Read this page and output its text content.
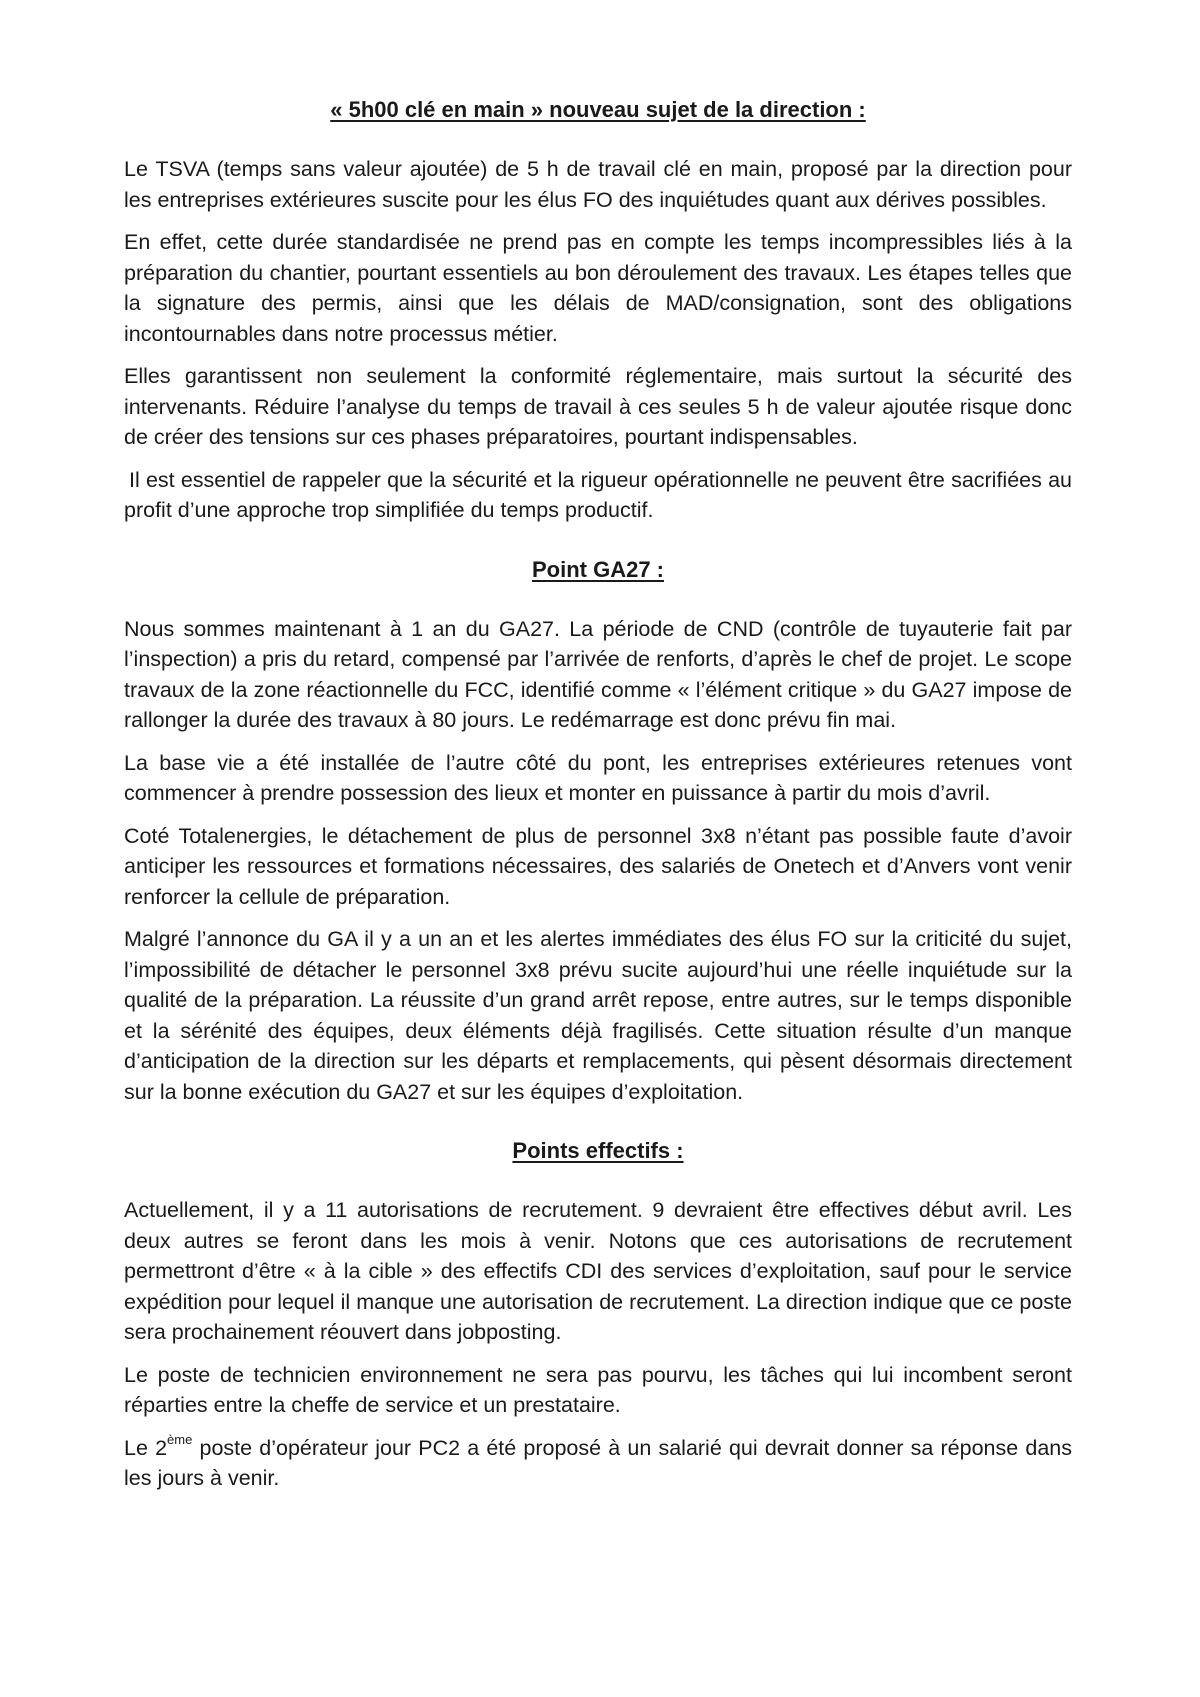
« 5h00 clé en main » nouveau sujet de la direction :

Le TSVA (temps sans valeur ajoutée) de 5 h de travail clé en main, proposé par la direction pour les entreprises extérieures suscite pour les élus FO des inquiétudes quant aux dérives possibles.

En effet, cette durée standardisée ne prend pas en compte les temps incompressibles liés à la préparation du chantier, pourtant essentiels au bon déroulement des travaux. Les étapes telles que la signature des permis, ainsi que les délais de MAD/consignation, sont des obligations incontournables dans notre processus métier.

Elles garantissent non seulement la conformité réglementaire, mais surtout la sécurité des intervenants. Réduire l’analyse du temps de travail à ces seules 5 h de valeur ajoutée risque donc de créer des tensions sur ces phases préparatoires, pourtant indispensables.

Il est essentiel de rappeler que la sécurité et la rigueur opérationnelle ne peuvent être sacrifiées au profit d’une approche trop simplifiée du temps productif.

Point GA27 :

Nous sommes maintenant à 1 an du GA27. La période de CND (contrôle de tuyauterie fait par l’inspection) a pris du retard, compensé par l’arrivée de renforts, d’après le chef de projet. Le scope travaux de la zone réactionnelle du FCC, identifié comme « l’élément critique » du GA27 impose de rallonger la durée des travaux à 80 jours. Le redémarrage est donc prévu fin mai.

La base vie a été installée de l’autre côté du pont, les entreprises extérieures retenues vont commencer à prendre possession des lieux et monter en puissance à partir du mois d’avril.

Coté Totalenergies, le détachement de plus de personnel 3x8 n’étant pas possible faute d’avoir anticiper les ressources et formations nécessaires, des salariés de Onetech et d’Anvers vont venir renforcer la cellule de préparation.

Malgré l’annonce du GA il y a un an et les alertes immédiates des élus FO sur la criticité du sujet, l’impossibilité de détacher le personnel 3x8 prévu sucite aujourd’hui une réelle inquiétude sur la qualité de la préparation. La réussite d’un grand arrêt repose, entre autres, sur le temps disponible et la sérénité des équipes, deux éléments déjà fragilisés. Cette situation résulte d’un manque d’anticipation de la direction sur les départs et remplacements, qui pèsent désormais directement sur la bonne exécution du GA27 et sur les équipes d’exploitation.

Points effectifs :

Actuellement, il y a 11 autorisations de recrutement. 9 devraient être effectives début avril. Les deux autres se feront dans les mois à venir. Notons que ces autorisations de recrutement permettront d’être « à la cible » des effectifs CDI des services d’exploitation, sauf pour le service expédition pour lequel il manque une autorisation de recrutement. La direction indique que ce poste sera prochainement réouvert dans jobposting.

Le poste de technicien environnement ne sera pas pourvu, les tâches qui lui incombent seront réparties entre la cheffe de service et un prestataire.

Le 2ème poste d’opérateur jour PC2 a été proposé à un salarié qui devrait donner sa réponse dans les jours à venir.
